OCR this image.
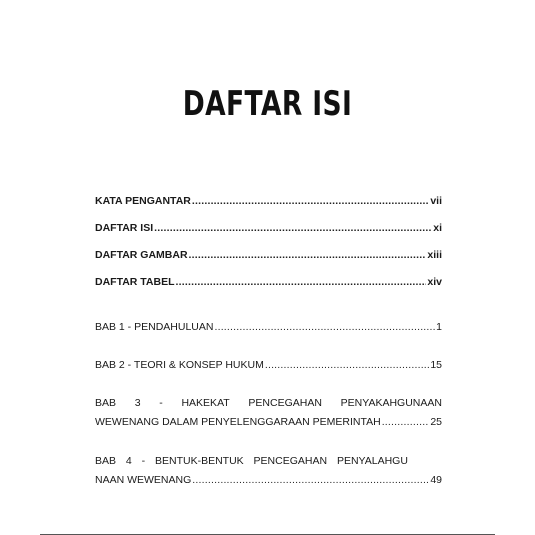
DAFTAR ISI
KATA PENGANTAR .....	vii
DAFTAR ISI .....	xi
DAFTAR GAMBAR .....	xiii
DAFTAR TABEL .....	xiv
BAB 1 - PENDAHULUAN .....	1
BAB 2 - TEORI & KONSEP HUKUM .....	15
BAB 3 - HAKEKAT PENCEGAHAN PENYAKAHGUNAAN
WEWENANG DALAM PENYELENGGARAAN PEMERINTAH .....	25
BAB 4 - BENTUK-BENTUK PENCEGAHAN PENYALAHGU
NAAN WEWENANG .....	49
